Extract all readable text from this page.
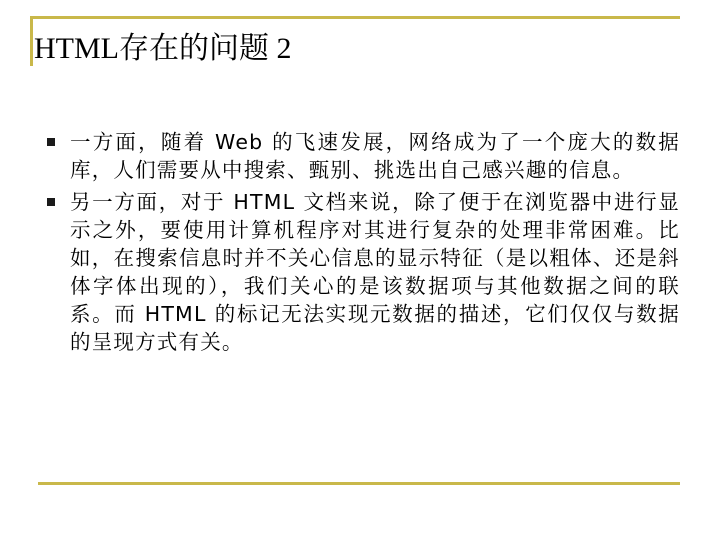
HTML存在的问题 2
一方面，随着 Web 的飞速发展，网络成为了一个庞大的数据库，人们需要从中搜索、甄别、挑选出自己感兴趣的信息。
另一方面，对于 HTML 文档来说，除了便于在浏览器中进行显示之外，要使用计算机程序对其进行复杂的处理非常困难。比如，在搜索信息时并不关心信息的显示特征（是以粗体、还是斜体字体出现的），我们关心的是该数据项与其他数据之间的联系。而 HTML 的标记无法实现元数据的描述，它们仅仅与数据的呈现方式有关。
